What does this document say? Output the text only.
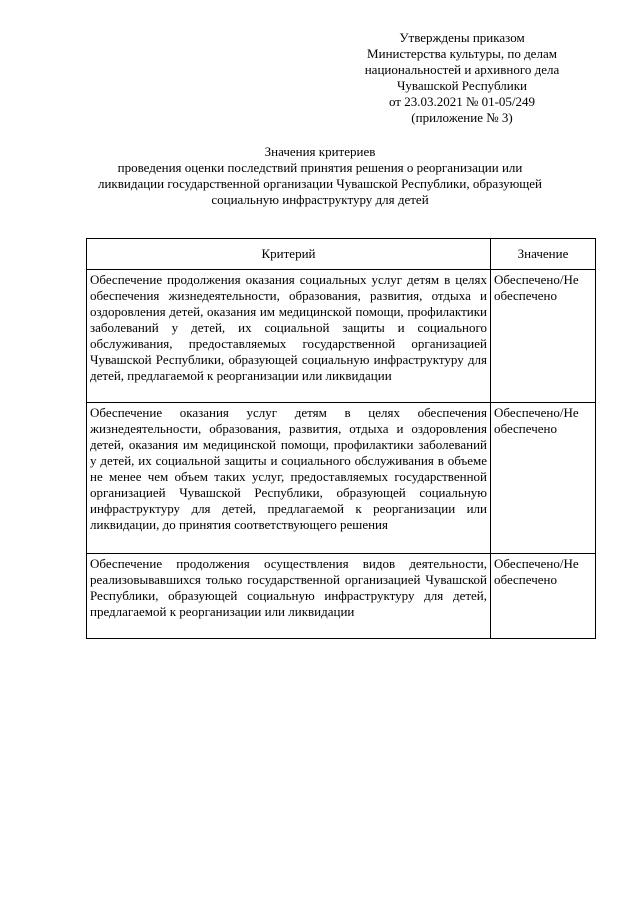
Утверждены приказом
Министерства культуры, по делам
национальностей и архивного дела
Чувашской Республики
от 23.03.2021 № 01-05/249
(приложение № 3)
Значения критериев
проведения оценки последствий принятия решения о реорганизации или
ликвидации государственной организации Чувашской Республики, образующей
социальную инфраструктуру для детей
Критерий	Значение
Обеспечение продолжения оказания социальных услуг детям в целях обеспечения жизнедеятельности, образования, развития, отдыха и оздоровления детей, оказания им медицинской помощи, профилактики заболеваний у детей, их социальной защиты и социального обслуживания, предоставляемых государственной организацией Чувашской Республики, образующей социальную инфраструктуру для детей, предлагаемой к реорганизации или ликвидации	Обеспечено/Не обеспечено
Обеспечение оказания услуг детям в целях обеспечения жизнедеятельности, образования, развития, отдыха и оздоровления детей, оказания им медицинской помощи, профилактики заболеваний у детей, их социальной защиты и социального обслуживания в объеме не менее чем объем таких услуг, предоставляемых государственной организацией Чувашской Республики, образующей социальную инфраструктуру для детей, предлагаемой к реорганизации или ликвидации, до принятия соответствующего решения	Обеспечено/Не обеспечено
Обеспечение продолжения осуществления видов деятельности, реализовывавшихся только государственной организацией Чувашской Республики, образующей социальную инфраструктуру для детей, предлагаемой к реорганизации или ликвидации	Обеспечено/Не обеспечено
